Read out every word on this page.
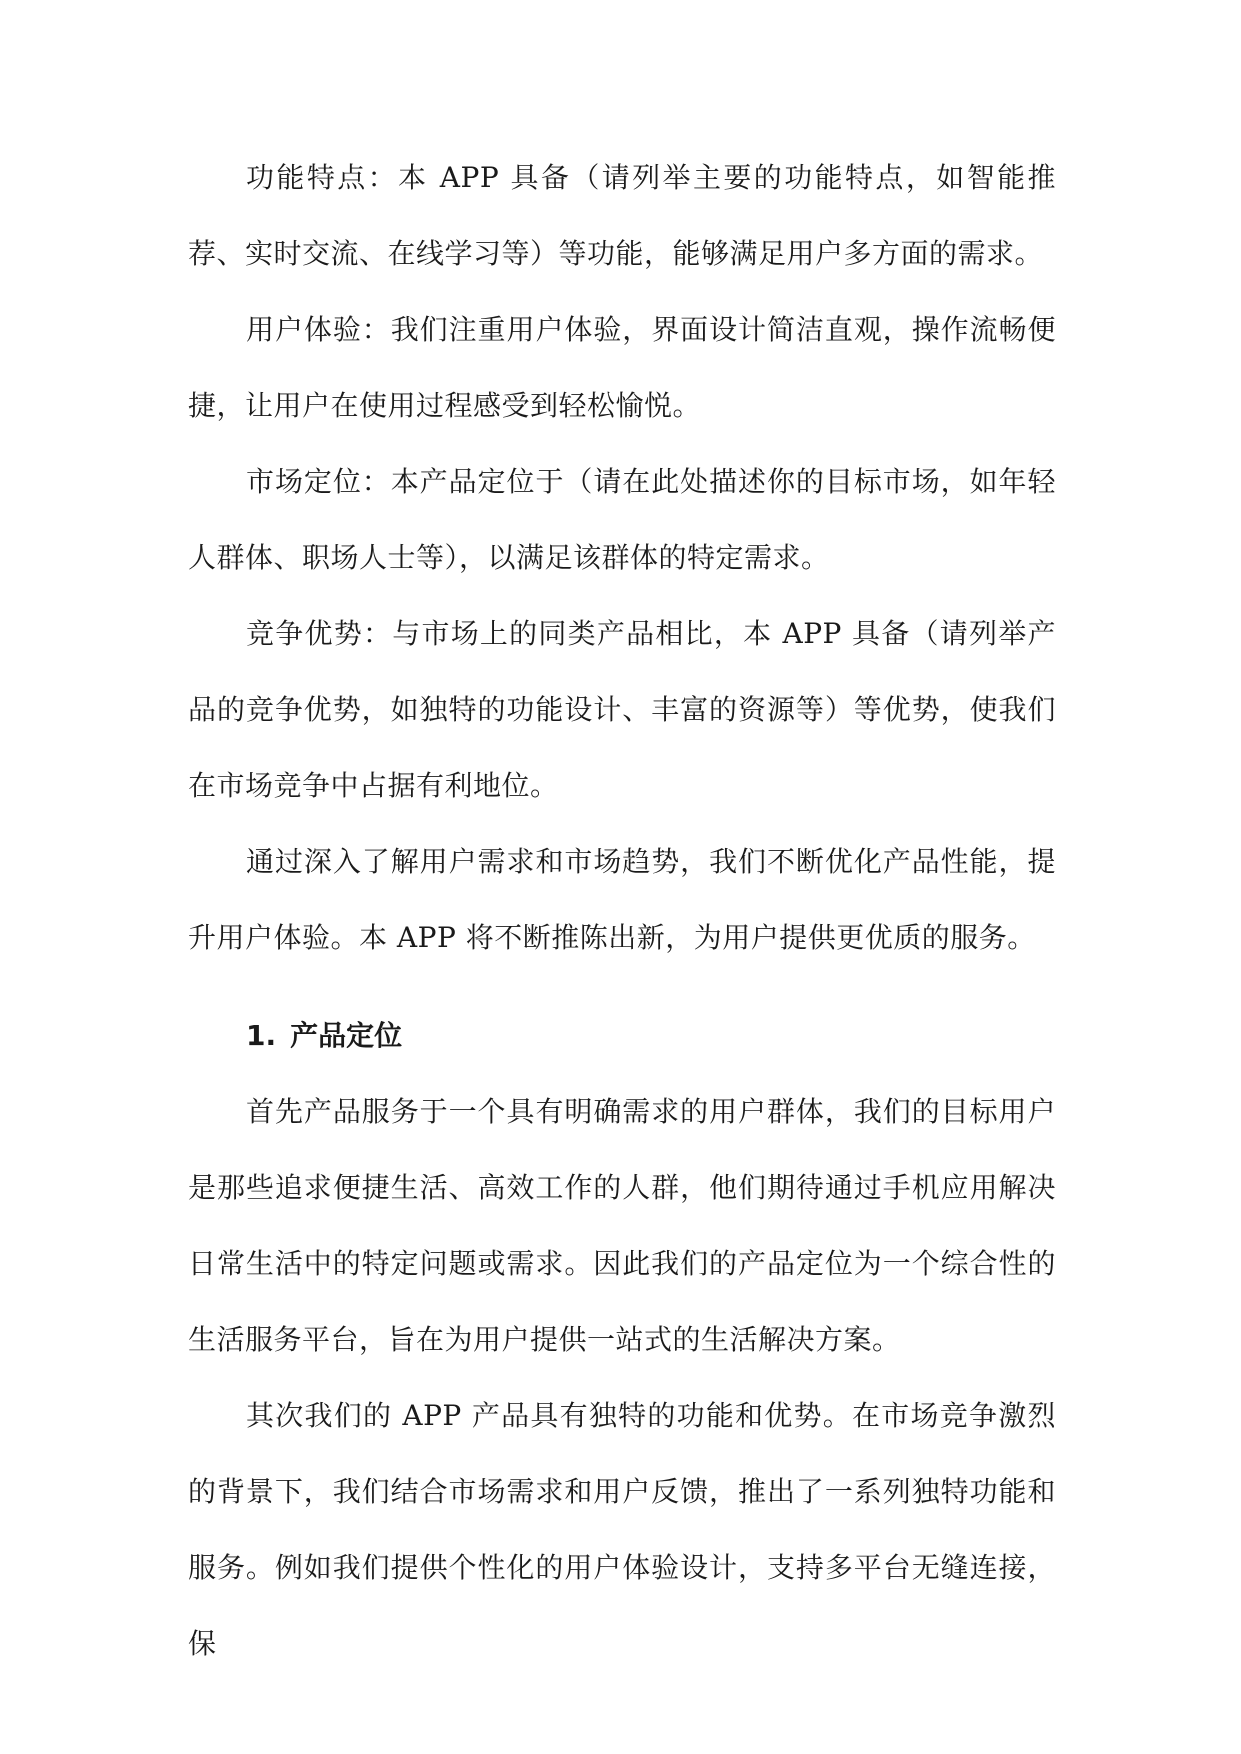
功能特点：本 APP 具备（请列举主要的功能特点，如智能推荐、实时交流、在线学习等）等功能，能够满足用户多方面的需求。

用户体验：我们注重用户体验，界面设计简洁直观，操作流畅便捷，让用户在使用过程感受到轻松愉悦。

市场定位：本产品定位于（请在此处描述你的目标市场，如年轻人群体、职场人士等），以满足该群体的特定需求。

竞争优势：与市场上的同类产品相比，本 APP 具备（请列举产品的竞争优势，如独特的功能设计、丰富的资源等）等优势，使我们在市场竞争中占据有利地位。

通过深入了解用户需求和市场趋势，我们不断优化产品性能，提升用户体验。本 APP 将不断推陈出新，为用户提供更优质的服务。

1. 产品定位

首先产品服务于一个具有明确需求的用户群体，我们的目标用户是那些追求便捷生活、高效工作的人群，他们期待通过手机应用解决日常生活中的特定问题或需求。因此我们的产品定位为一个综合性的生活服务平台，旨在为用户提供一站式的生活解决方案。

其次我们的 APP 产品具有独特的功能和优势。在市场竞争激烈的背景下，我们结合市场需求和用户反馈，推出了一系列独特功能和服务。例如我们提供个性化的用户体验设计，支持多平台无缝连接，保
